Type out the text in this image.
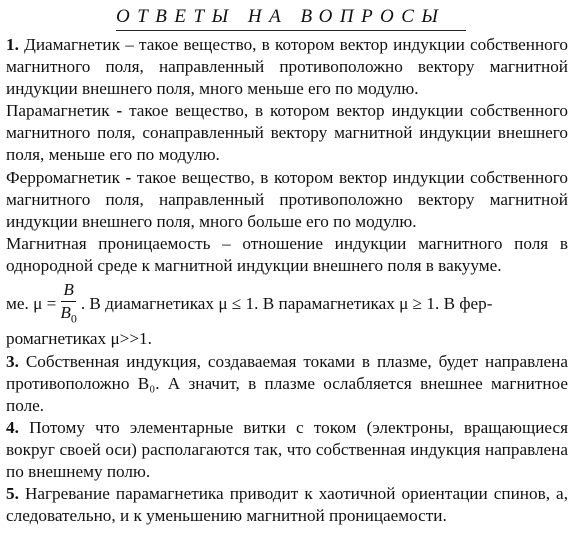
ОТВЕТЫ НА ВОПРОСЫ

1. Диамагнетик – такое вещество, в котором вектор индукции собственного магнитного поля, направленный противоположно вектору магнитной индукции внешнего поля, много меньше его по модулю.

Парамагнетик - такое вещество, в котором вектор индукции собственного магнитного поля, сонаправленный вектору магнитной индукции внешнего поля, меньше его по модулю.

Ферромагнетик - такое вещество, в котором вектор индукции собственного магнитного поля, направленный противоположно вектору магнитной индукции внешнего поля, много больше его по модулю.

Магнитная проницаемость – отношение индукции магнитного поля в однородной среде к магнитной индукции внешнего поля в вакууме.

ме. $\mu = \frac{B}{B_0}$ . В диамагнетиках μ ≤ 1. В парамагнетиках μ ≥ 1. В фер-

ромагнетиках μ>>1.

3. Собственная индукция, создаваемая токами в плазме, будет направлена противоположно B₀. А значит, в плазме ослабляется внешнее магнитное поле.

4. Потому что элементарные витки с током (электроны, вращающиеся вокруг своей оси) располагаются так, что собственная индукция направлена по внешнему полю.

5. Нагревание парамагнетика приводит к хаотичной ориентации спинов, а, следовательно, и к уменьшению магнитной проницаемости.
